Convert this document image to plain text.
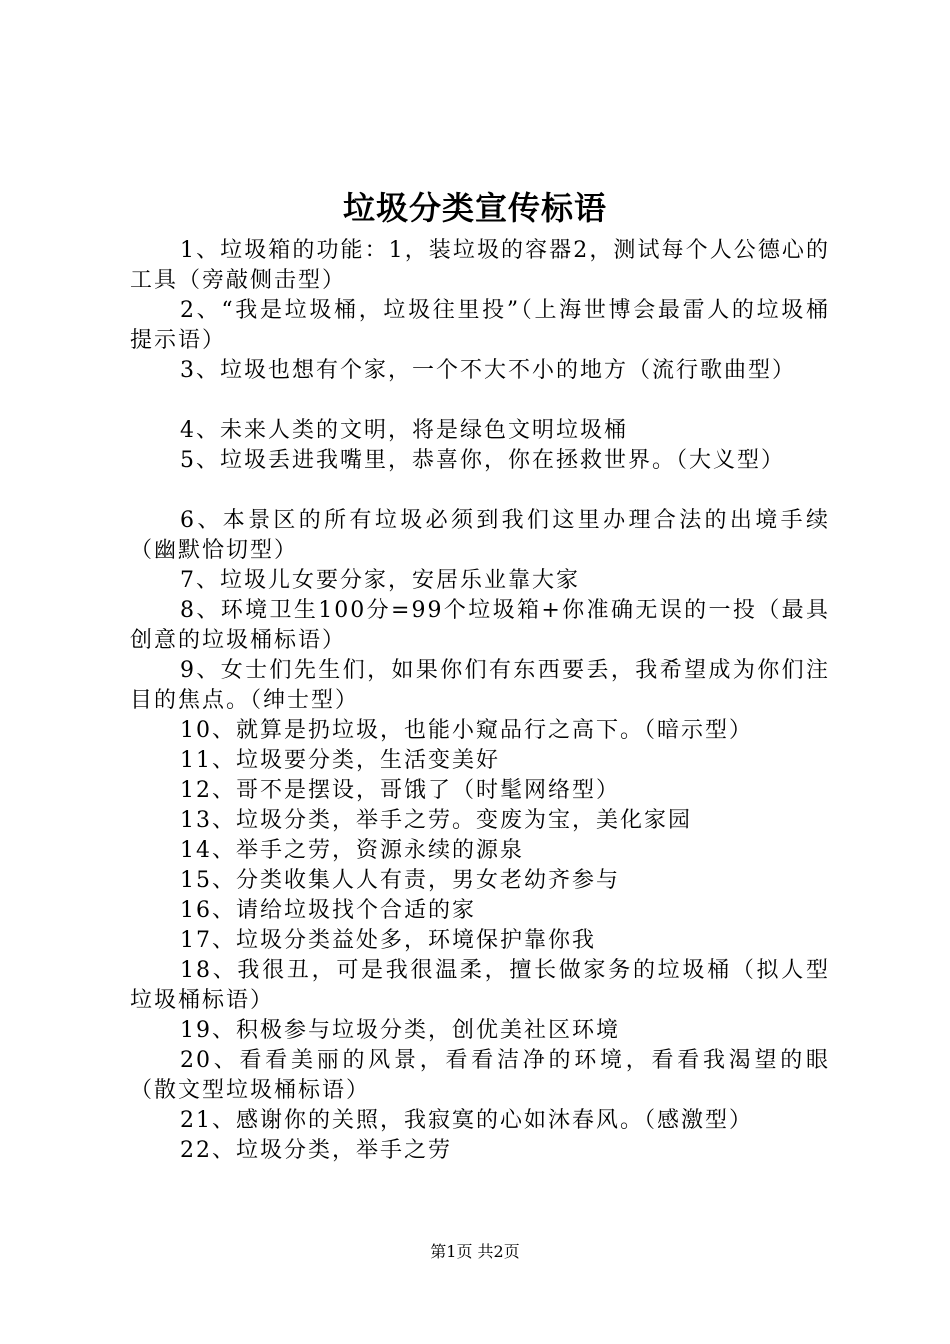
垃圾分类宣传标语

1、垃圾箱的功能：1，装垃圾的容器2，测试每个人公德心的工具（旁敲侧击型）

2、“我是垃圾桶，垃圾往里投”（上海世博会最雷人的垃圾桶提示语）

3、垃圾也想有个家，一个不大不小的地方（流行歌曲型）

4、未来人类的文明，将是绿色文明垃圾桶

5、垃圾丢进我嘴里，恭喜你，你在拯救世界。（大义型）

6、本景区的所有垃圾必须到我们这里办理合法的出境手续（幽默恰切型）

7、垃圾儿女要分家，安居乐业靠大家

8、环境卫生100分=99个垃圾箱+你准确无误的一投（最具创意的垃圾桶标语）

9、女士们先生们，如果你们有东西要丢，我希望成为你们注目的焦点。（绅士型）

10、就算是扔垃圾，也能小窥品行之高下。（暗示型）

11、垃圾要分类，生活变美好

12、哥不是摆设，哥饿了（时髦网络型）

13、垃圾分类，举手之劳。变废为宝，美化家园

14、举手之劳，资源永续的源泉

15、分类收集人人有责，男女老幼齐参与

16、请给垃圾找个合适的家

17、垃圾分类益处多，环境保护靠你我

18、我很丑，可是我很温柔，擅长做家务的垃圾桶（拟人型垃圾桶标语）

19、积极参与垃圾分类，创优美社区环境

20、看看美丽的风景，看看洁净的环境，看看我渴望的眼（散文型垃圾桶标语）

21、感谢你的关照，我寂寞的心如沐春风。（感激型）

22、垃圾分类，举手之劳

第1页 共2页
